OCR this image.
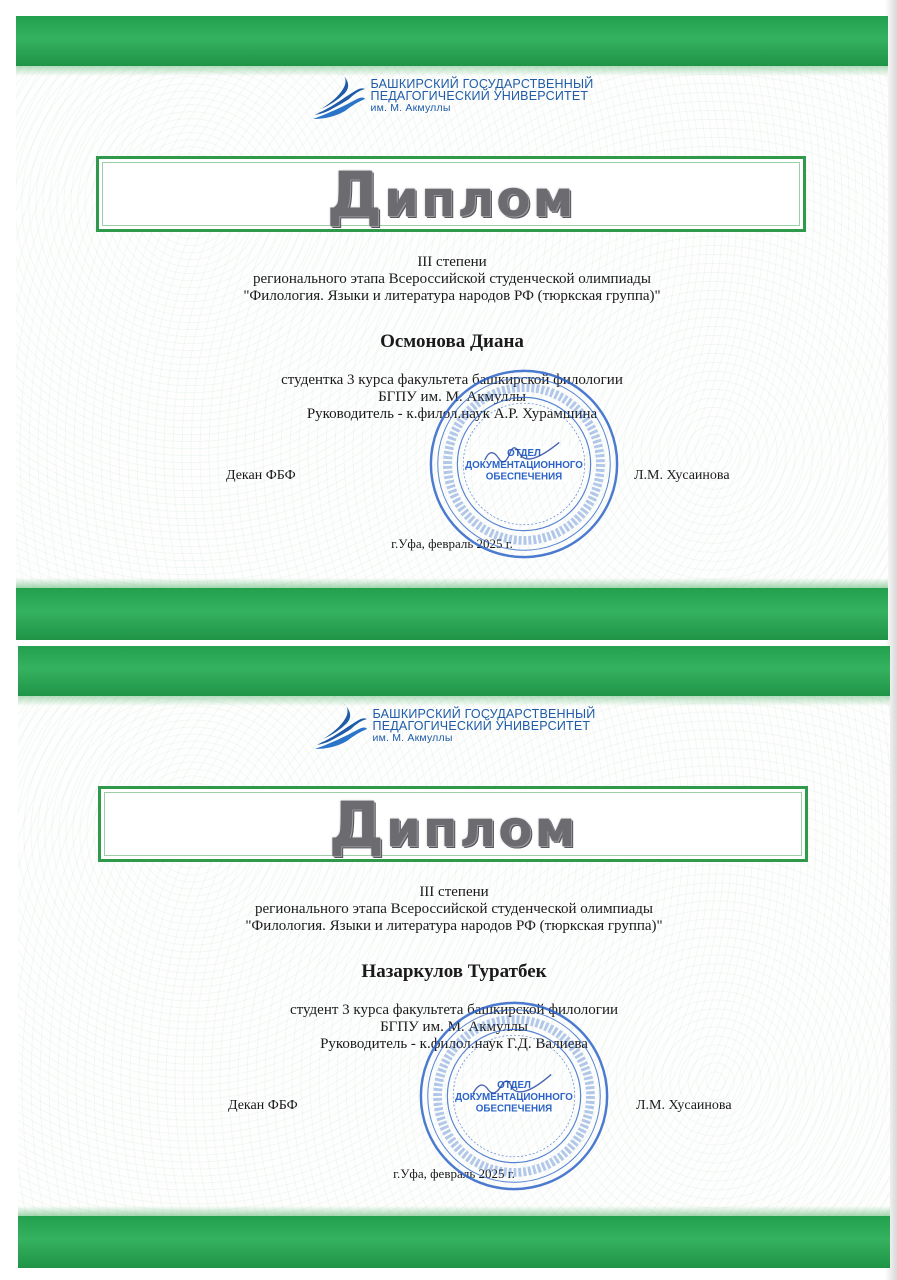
БАШКИРСКИЙ ГОСУДАРСТВЕННЫЙ
ПЕДАГОГИЧЕСКИЙ УНИВЕРСИТЕТ
им. М. Акмуллы
Диплом
III степени
регионального этапа Всероссийской студенческой олимпиады
"Филология. Языки и литература народов РФ (тюркская группа)"
Осмонова Диана
студентка 3 курса факультета башкирской филологии
БГПУ им. М. Акмуллы
Руководитель - к.филол.наук А.Р. Хурамшина
Декан ФБФ	Л.М. Хусаинова
г.Уфа, февраль 2025 г.
ОТДЕЛ
ДОКУМЕНТАЦИОННОГО
ОБЕСПЕЧЕНИЯ
БАШКИРСКИЙ ГОСУДАРСТВЕННЫЙ
ПЕДАГОГИЧЕСКИЙ УНИВЕРСИТЕТ
им. М. Акмуллы
Диплом
III степени
регионального этапа Всероссийской студенческой олимпиады
"Филология. Языки и литература народов РФ (тюркская группа)"
Назаркулов Туратбек
студент 3 курса факультета башкирской филологии
БГПУ им. М. Акмуллы
Руководитель - к.филол.наук Г.Д. Валиева
Декан ФБФ	Л.М. Хусаинова
г.Уфа, февраль 2025 г.
ОТДЕЛ
ДОКУМЕНТАЦИОННОГО
ОБЕСПЕЧЕНИЯ
